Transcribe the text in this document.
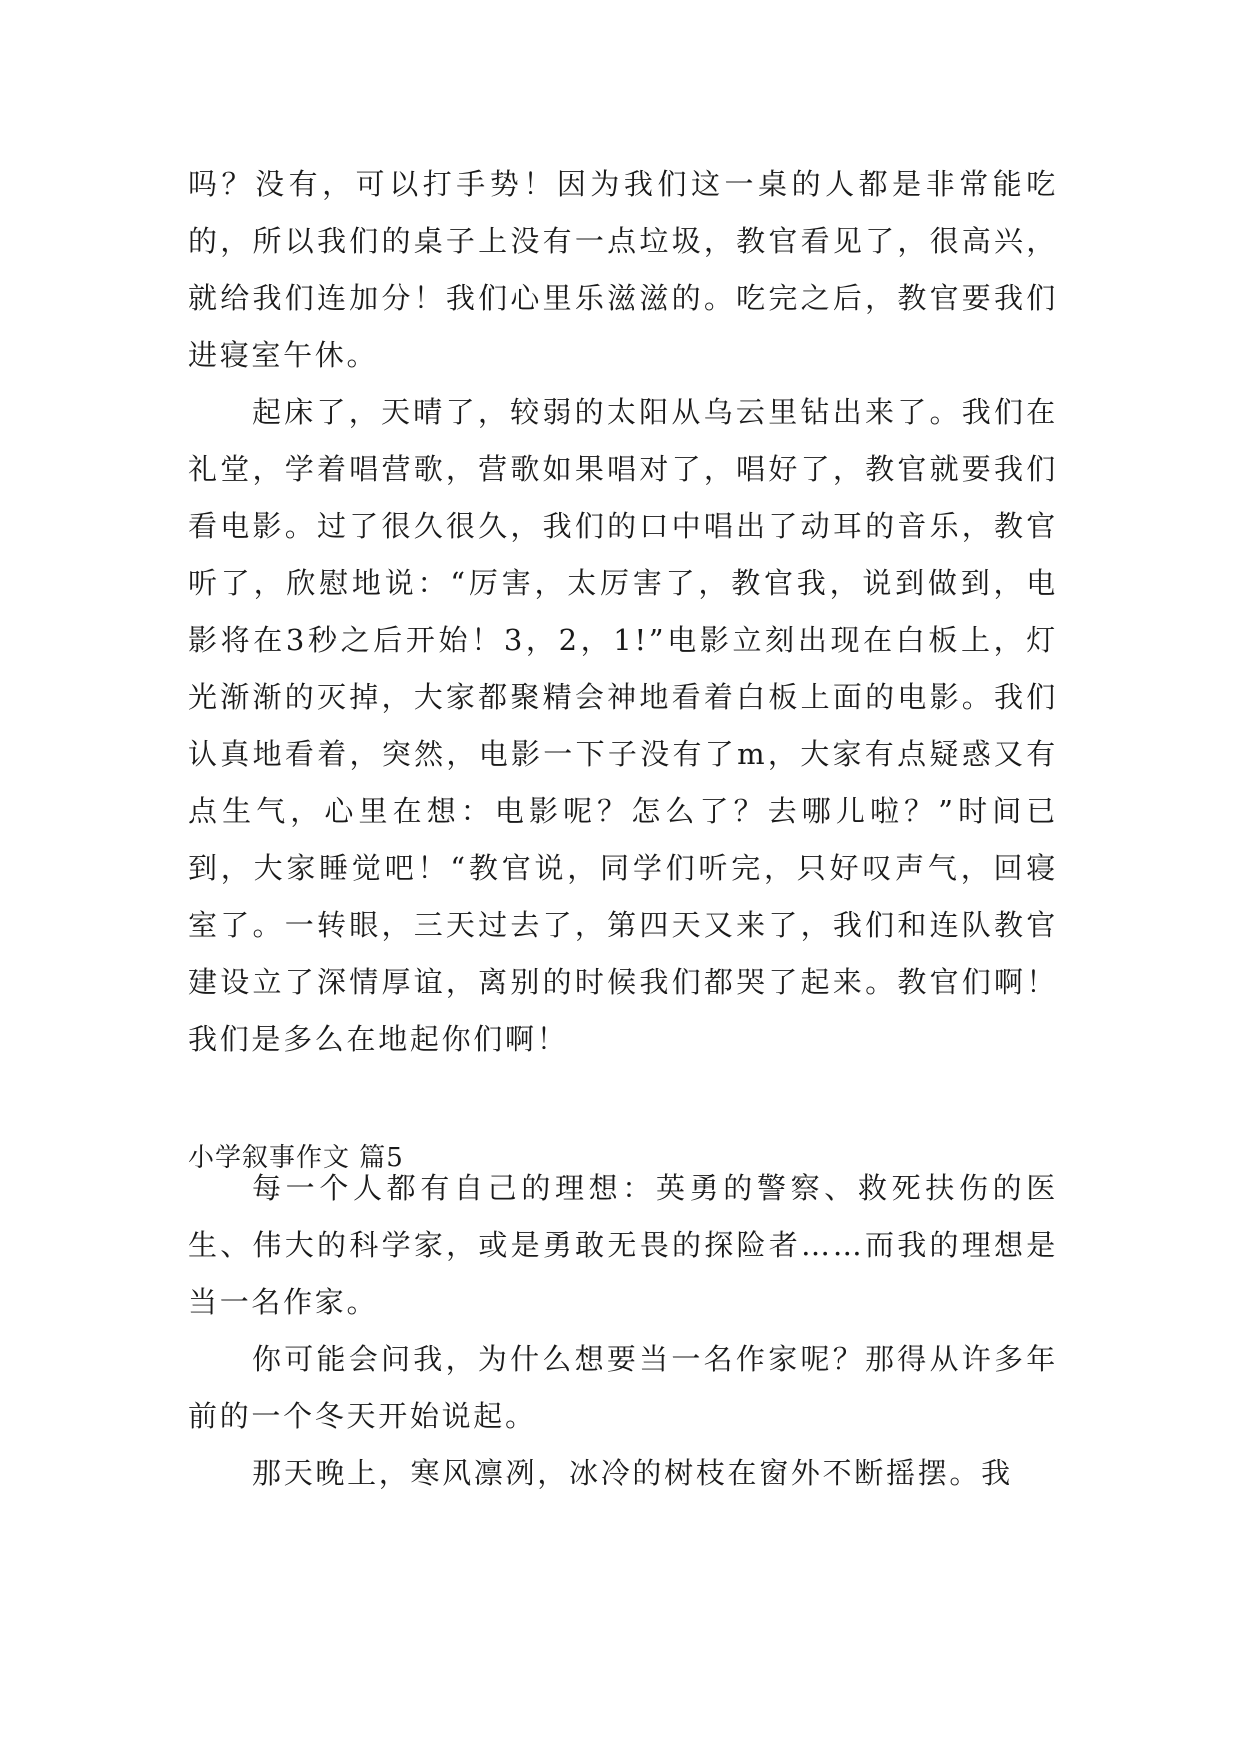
吗？没有，可以打手势！因为我们这一桌的人都是非常能吃的，所以我们的桌子上没有一点垃圾，教官看见了，很高兴，就给我们连加分！我们心里乐滋滋的。吃完之后，教官要我们进寝室午休。

起床了，天晴了，较弱的太阳从乌云里钻出来了。我们在礼堂，学着唱营歌，营歌如果唱对了，唱好了，教官就要我们看电影。过了很久很久，我们的口中唱出了动耳的音乐，教官听了，欣慰地说：“厉害，太厉害了，教官我，说到做到，电影将在3秒之后开始！3，2，1!”电影立刻出现在白板上，灯光渐渐的灭掉，大家都聚精会神地看着白板上面的电影。我们认真地看着，突然，电影一下子没有了m，大家有点疑惑又有点生气，心里在想：电影呢？怎么了？去哪儿啦？”时间已到，大家睡觉吧！“教官说，同学们听完，只好叹声气，回寝室了。一转眼，三天过去了，第四天又来了，我们和连队教官建设立了深情厚谊，离别的时候我们都哭了起来。教官们啊！我们是多么在地起你们啊！

小学叙事作文 篇5

每一个人都有自己的理想：英勇的警察、救死扶伤的医生、伟大的科学家，或是勇敢无畏的探险者……而我的理想是当一名作家。

你可能会问我，为什么想要当一名作家呢？那得从许多年前的一个冬天开始说起。

那天晚上，寒风凛冽，冰冷的树枝在窗外不断摇摆。我
